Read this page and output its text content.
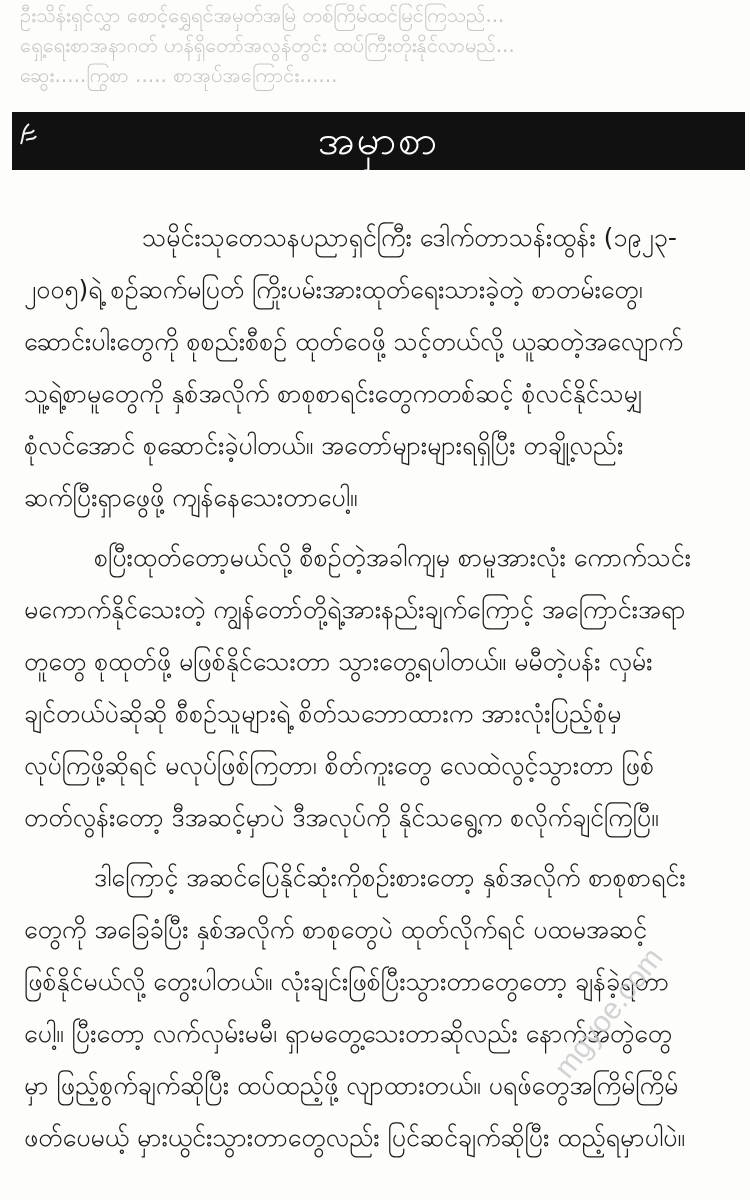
ဦးသိန်းရှင်လွှာ စောင့်ရွှေရင်အမှတ်အမြဲ တစ်ကြိမ်ထင်မြင်ကြသည်...

ရှေ့ရေးစာအနာဂတ် ဟန်ရှိတော်အလွန်တွင်း ထပ်ကြီးတိုးနိုင်လာမည်...

ဆွေး.....ကြွစာ ..... စာအုပ်အကြောင်း......

အမှာစာ
သမိုင်းသုတေသနပညာရှင်ကြီး ဒေါက်တာသန်းထွန်း (၁၉၂၃-
၂၀၀၅)ရဲ့ စဉ်ဆက်မပြတ် ကြိုးပမ်းအားထုတ်ရေးသားခဲ့တဲ့ စာတမ်းတွေ၊
ဆောင်းပါးတွေကို စုစည်းစီစဉ် ထုတ်ဝေဖို့ သင့်တယ်လို့ ယူဆတဲ့အလျောက်
သူ့ရဲ့စာမူတွေကို နှစ်အလိုက် စာစုစာရင်းတွေကတစ်ဆင့် စုံလင်နိုင်သမျှ
စုံလင်အောင် စုဆောင်းခဲ့ပါတယ်။ အတော်များများရရှိပြီး တချို့လည်း
ဆက်ပြီးရှာဖွေဖို့ ကျန်နေသေးတာပေါ့။
စပြီးထုတ်တော့မယ်လို့ စီစဉ်တဲ့အခါကျမှ စာမူအားလုံး ကောက်သင်း
မကောက်နိုင်သေးတဲ့ ကျွန်တော်တို့ရဲ့အားနည်းချက်ကြောင့် အကြောင်းအရာ
တူတွေ စုထုတ်ဖို့ မဖြစ်နိုင်သေးတာ သွားတွေ့ရပါတယ်။ မမီတဲ့ပန်း လှမ်း
ချင်တယ်ပဲဆိုဆို စီစဉ်သူများရဲ့ စိတ်သဘောထားက အားလုံးပြည့်စုံမှ
လုပ်ကြဖို့ဆိုရင် မလုပ်ဖြစ်ကြတာ၊ စိတ်ကူးတွေ လေထဲလွင့်သွားတာ ဖြစ်
တတ်လွန်းတော့ ဒီအဆင့်မှာပဲ ဒီအလုပ်ကို နိုင်သရွေ့က စလိုက်ချင်ကြပြီ။
ဒါကြောင့် အဆင်ပြေနိုင်ဆုံးကိုစဉ်းစားတော့ နှစ်အလိုက် စာစုစာရင်း
တွေကို အခြေခံပြီး နှစ်အလိုက် စာစုတွေပဲ ထုတ်လိုက်ရင် ပထမအဆင့်
ဖြစ်နိုင်မယ်လို့ တွေးပါတယ်။ လုံးချင်းဖြစ်ပြီးသွားတာတွေတော့ ချန်ခဲ့ရတာ
ပေါ့။ ပြီးတော့ လက်လှမ်းမမီ၊ ရှာမတွေ့သေးတာဆိုလည်း နောက်အတွဲတွေ
မှာ ဖြည့်စွက်ချက်ဆိုပြီး ထပ်ထည့်ဖို့ လျာထားတယ်။ ပရဖ်တွေအကြိမ်ကြိမ်
ဖတ်ပေမယ့် မှားယွင်းသွားတာတွေလည်း ပြင်ဆင်ချက်ဆိုပြီး ထည့်ရမှာပါပဲ။
mgyoe.com
